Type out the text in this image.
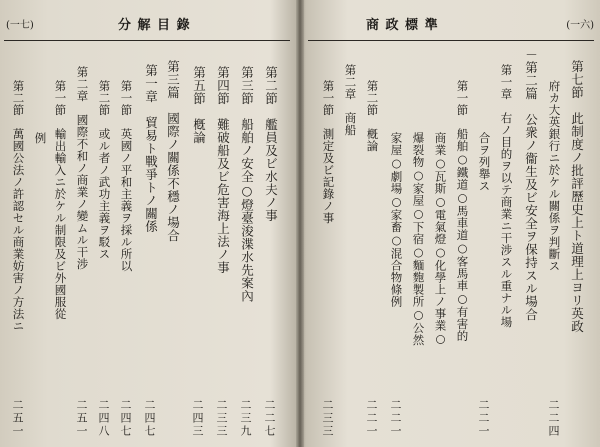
(一七)	分 解 目 錄
第二節　艦員及ビ水夫ノ事
二二七
第三節　船舶ノ安全○燈臺浚渫水先案內
二三九
第四節　難破船及ビ危害海上法ノ事
二三三
第五節　槪論
二四三
第三篇　國際ノ關係不穩ノ場合
第一章　貿易ト戰爭トノ關係
二四七
第一節　英國ノ平和主義ヲ採ル所以
二四七
第二節　或ル者ノ武功主義ヲ駁ス
二四八
第二章　國際不和ノ商業ノ變ムル干涉
二五一
第一節　輸出輸入ニ於ケル制限及ビ外國服從
例
第二節　萬國公法ノ許認セル商業妨害ノ方法ニ
二五一
商 政 標 準	(一六)
第七節　此制度ノ批評歷史上ト道理上ヨリ英政
府カ大英銀行ニ於ケル關係ヲ判斷ス
二二四
－第二篇　公衆ノ衞生及ビ安全ヲ保持スル場合
第一章　右ノ目的ヲ以テ商業ニ干涉スル重ナル場
合ヲ列舉ス
二二一
第一節　船舶○鐵道○馬車道○客馬車○有害的
商業○瓦斯○電氣燈○化學上ノ事業○
爆裂物○家屋○下宿○麵麭製所○公然
家屋○劇場○家畜○混合物條例
二二一
第二節　槪論
二二一
第二章　商船
第一節　測定及ビ記錄ノ事
二三三
